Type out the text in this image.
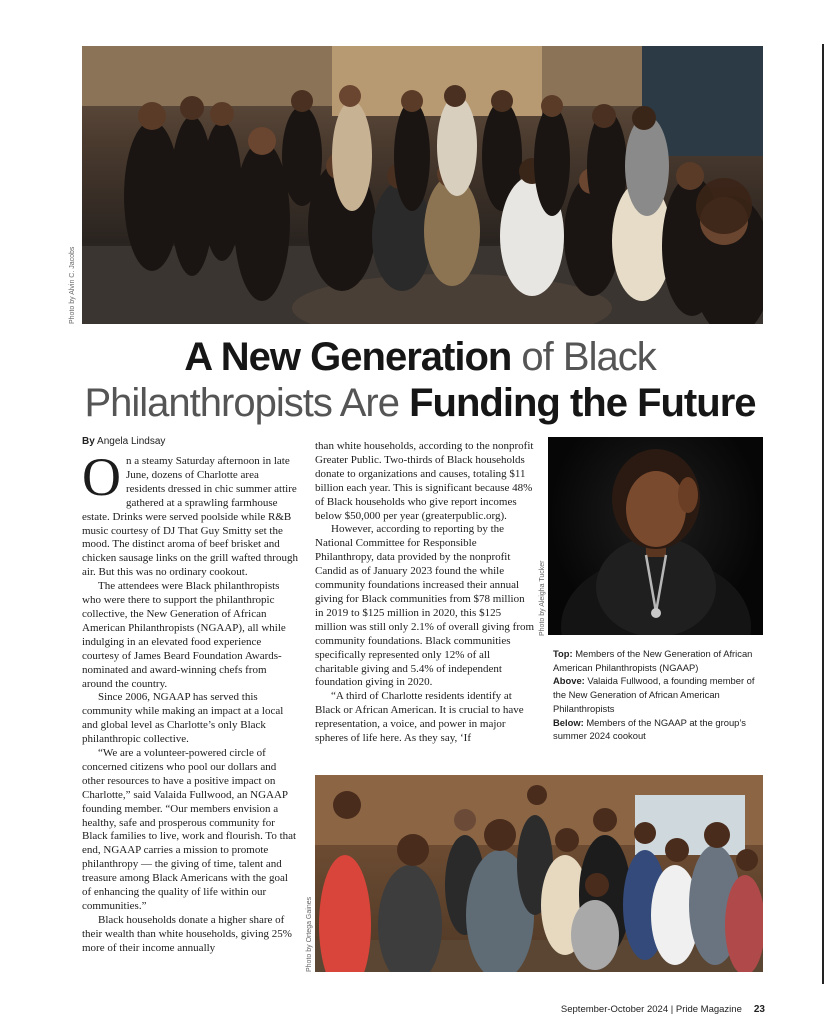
Photo by Alvin C. Jacobs
A New Generation of Black
Philanthropists Are Funding the Future
By Angela Lindsay

On a steamy Saturday afternoon in late June, dozens of Charlotte area residents dressed in chic summer attire gathered at a sprawling farmhouse estate. Drinks were served poolside while R&B music courtesy of DJ That Guy Smitty set the mood. The distinct aroma of beef brisket and chicken sausage links on the grill wafted through air. But this was no ordinary cookout.

The attendees were Black philanthropists who were there to support the philanthropic collective, the New Generation of African American Philanthropists (NGAAP), all while indulging in an elevated food experience courtesy of James Beard Foundation Awards-nominated and award-winning chefs from around the country.

Since 2006, NGAAP has served this community while making an impact at a local and global level as Charlotte’s only Black philanthropic collective.

“We are a volunteer-powered circle of concerned citizens who pool our dollars and other resources to have a positive impact on Charlotte,” said Valaida Fullwood, an NGAAP founding member. “Our members envision a healthy, safe and prosperous community for Black families to live, work and flourish. To that end, NGAAP carries a mission to promote philanthropy — the giving of time, talent and treasure among Black Americans with the goal of enhancing the quality of life within our communities.”

Black households donate a higher share of their wealth than white households, giving 25% more of their income annually

than white households, according to the nonprofit Greater Public. Two-thirds of Black households donate to organizations and causes, totaling $11 billion each year. This is significant because 48% of Black households who give report incomes below $50,000 per year (greaterpublic.org).

However, according to reporting by the National Committee for Responsible Philanthropy, data provided by the nonprofit Candid as of January 2023 found the while community foundations increased their annual giving for Black communities from $78 million in 2019 to $125 million in 2020, this $125 million was still only 2.1% of overall giving from community foundations. Black communities specifically represented only 12% of all charitable giving and 5.4% of independent foundation giving in 2020.

“A third of Charlotte residents identify at Black or African American. It is crucial to have representation, a voice, and power in major spheres of life here. As they say, ‘If

Photo by Aleigha Tucker
Top: Members of the New Generation of African American Philanthropists (NGAAP)
Above: Valaida Fullwood, a founding member of the New Generation of African American Philanthropists
Below: Members of the NGAAP at the group’s summer 2024 cookout
Photo by Ortega Gaines
September-October 2024 | Pride Magazine 23
